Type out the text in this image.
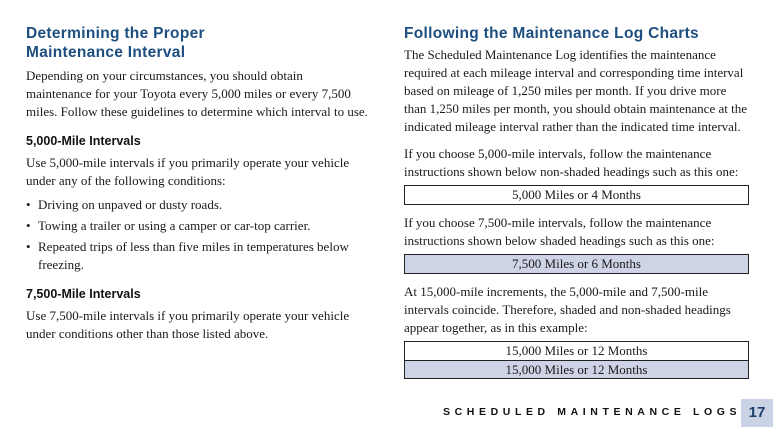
Determining the Proper
Maintenance Interval

Depending on your circumstances, you should obtain maintenance for your Toyota every 5,000 miles or every 7,500 miles. Follow these guidelines to determine which interval to use.

5,000-Mile Intervals

Use 5,000-mile intervals if you primarily operate your vehicle under any of the following conditions:

• Driving on unpaved or dusty roads.
• Towing a trailer or using a camper or car-top carrier.
• Repeated trips of less than five miles in temperatures below freezing.
7,500-Mile Intervals

Use 7,500-mile intervals if you primarily operate your vehicle under conditions other than those listed above.

Following the Maintenance Log Charts

The Scheduled Maintenance Log identifies the maintenance required at each mileage interval and corresponding time interval based on mileage of 1,250 miles per month. If you drive more than 1,250 miles per month, you should obtain maintenance at the indicated mileage interval rather than the indicated time interval.

If you choose 5,000-mile intervals, follow the maintenance instructions shown below non-shaded headings such as this one:

5,000 Miles or 4 Months

If you choose 7,500-mile intervals, follow the maintenance instructions shown below shaded headings such as this one:

7,500 Miles or 6 Months

At 15,000-mile increments, the 5,000-mile and 7,500-mile intervals coincide. Therefore, shaded and non-shaded headings appear together, as in this example:

15,000 Miles or 12 Months
15,000 Miles or 12 Months
SCHEDULED MAINTENANCE LOGS 17
